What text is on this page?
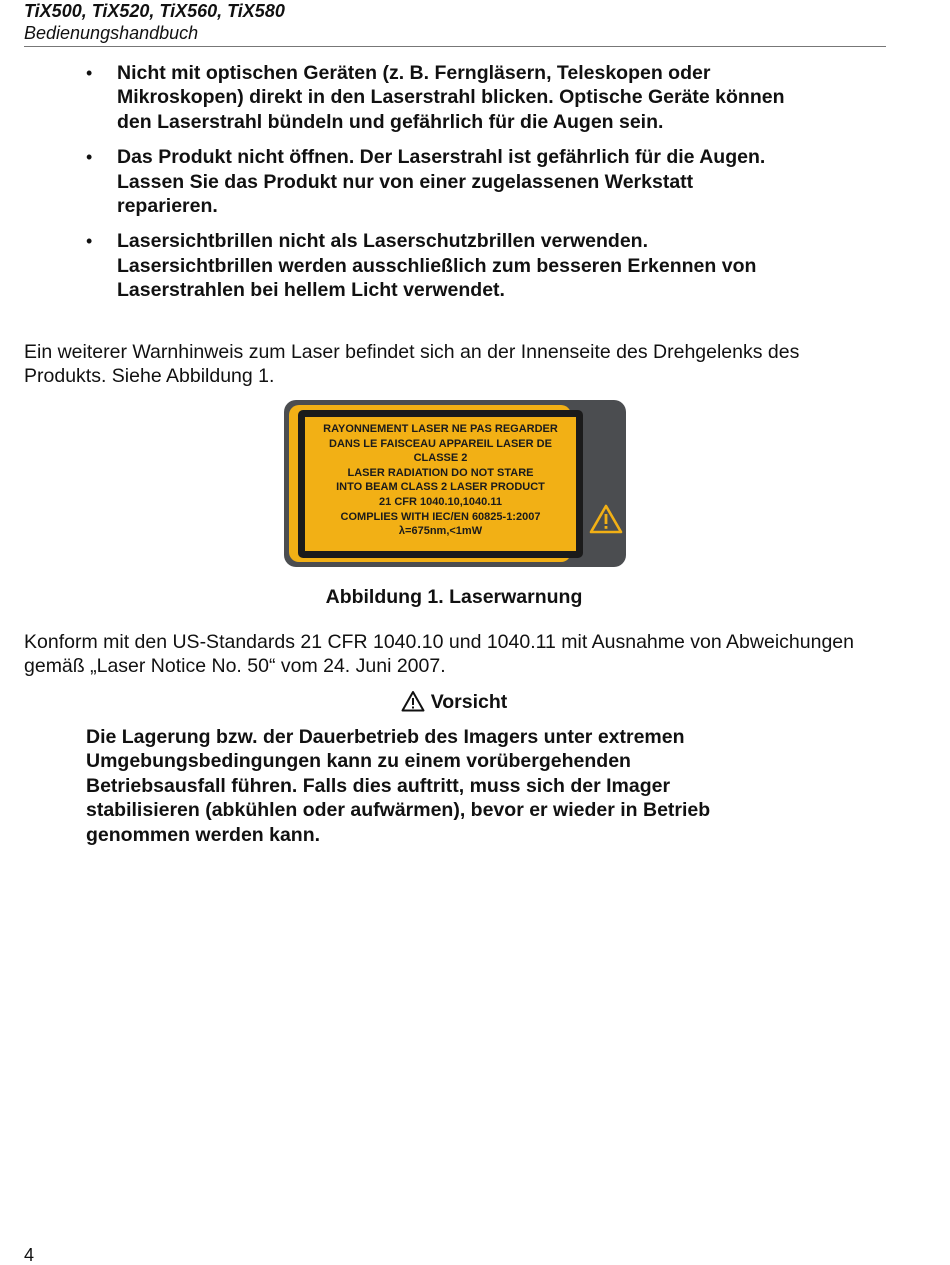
TiX500, TiX520, TiX560, TiX580
Bedienungshandbuch
• Nicht mit optischen Geräten (z. B. Ferngläsern, Teleskopen oder Mikroskopen) direkt in den Laserstrahl blicken. Optische Geräte können den Laserstrahl bündeln und gefährlich für die Augen sein.
• Das Produkt nicht öffnen. Der Laserstrahl ist gefährlich für die Augen. Lassen Sie das Produkt nur von einer zugelassenen Werkstatt reparieren.
• Lasersichtbrillen nicht als Laserschutzbrillen verwenden. Lasersichtbrillen werden ausschließlich zum besseren Erkennen von Laserstrahlen bei hellem Licht verwendet.
Ein weiterer Warnhinweis zum Laser befindet sich an der Innenseite des Drehgelenks des Produkts. Siehe Abbildung 1.
RAYONNEMENT LASER NE PAS REGARDER
DANS LE FAISCEAU APPAREIL LASER DE
CLASSE 2
LASER RADIATION DO NOT STARE
INTO BEAM CLASS 2 LASER PRODUCT
21 CFR 1040.10,1040.11
COMPLIES WITH IEC/EN 60825-1:2007
λ=675nm,<1mW
Abbildung 1. Laserwarnung
Konform mit den US-Standards 21 CFR 1040.10 und 1040.11 mit Ausnahme von Abweichungen gemäß „Laser Notice No. 50“ vom 24. Juni 2007.
Vorsicht
Die Lagerung bzw. der Dauerbetrieb des Imagers unter extremen Umgebungsbedingungen kann zu einem vorübergehenden Betriebsausfall führen. Falls dies auftritt, muss sich der Imager stabilisieren (abkühlen oder aufwärmen), bevor er wieder in Betrieb genommen werden kann.
4
